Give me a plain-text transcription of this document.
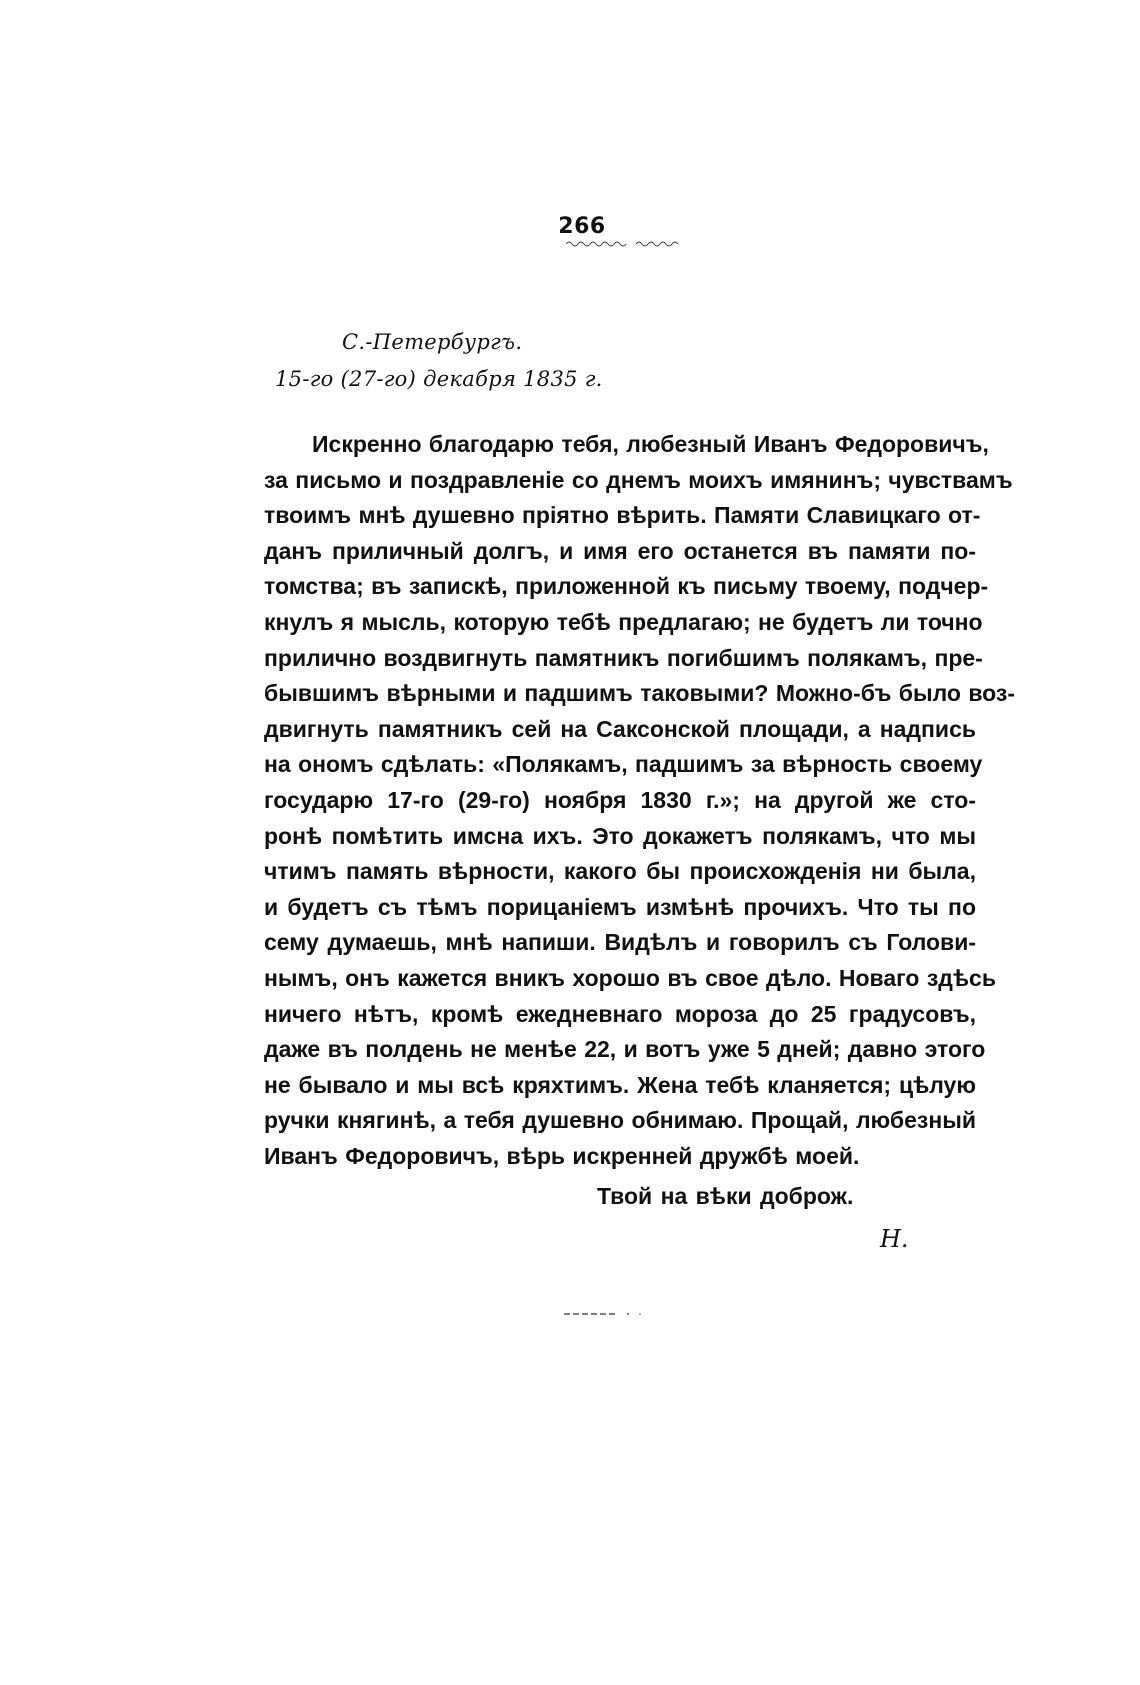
266
С.-Петербургъ.
15-го (27-го) декабря 1835 г.
Искренно благодарю тебя, любезный Иванъ Федоровичъ,
за письмо и поздравленіе со днемъ моихъ имянинъ; чувствамъ
твоимъ мнѣ душевно пріятно вѣрить. Памяти Славицкаго от-
данъ приличный долгъ, и имя его останется въ памяти по-
томства; въ запискѣ, приложенной къ письму твоему, подчер-
кнулъ я мысль, которую тебѣ предлагаю; не будетъ ли точно
прилично воздвигнуть памятникъ погибшимъ полякамъ, пре-
бывшимъ вѣрными и падшимъ таковыми? Можно-бъ было воз-
двигнуть памятникъ сей на Саксонской площади, а надпись
на ономъ сдѣлать: «Полякамъ, падшимъ за вѣрность своему
государю 17-го (29-го) ноября 1830 г.»; на другой же сто-
ронѣ помѣтить имсна ихъ. Это докажетъ полякамъ, что мы
чтимъ память вѣрности, какого бы происхожденія ни была,
и будетъ съ тѣмъ порицаніемъ измѣнѣ прочихъ. Что ты по
сему думаешь, мнѣ напиши. Видѣлъ и говорилъ съ Голови-
нымъ, онъ кажется вникъ хорошо въ свое дѣло. Новаго здѣсь
ничего нѣтъ, кромѣ ежедневнаго мороза до 25 градусовъ,
даже въ полдень не менѣе 22, и вотъ уже 5 дней; давно этого
не бывало и мы всѣ кряхтимъ. Жена тебѣ кланяется; цѣлую
ручки княгинѣ, а тебя душевно обнимаю. Прощай, любезный
Иванъ Федоровичъ, вѣрь искренней дружбѣ моей.
Твой на вѣки доброж.
Н.
